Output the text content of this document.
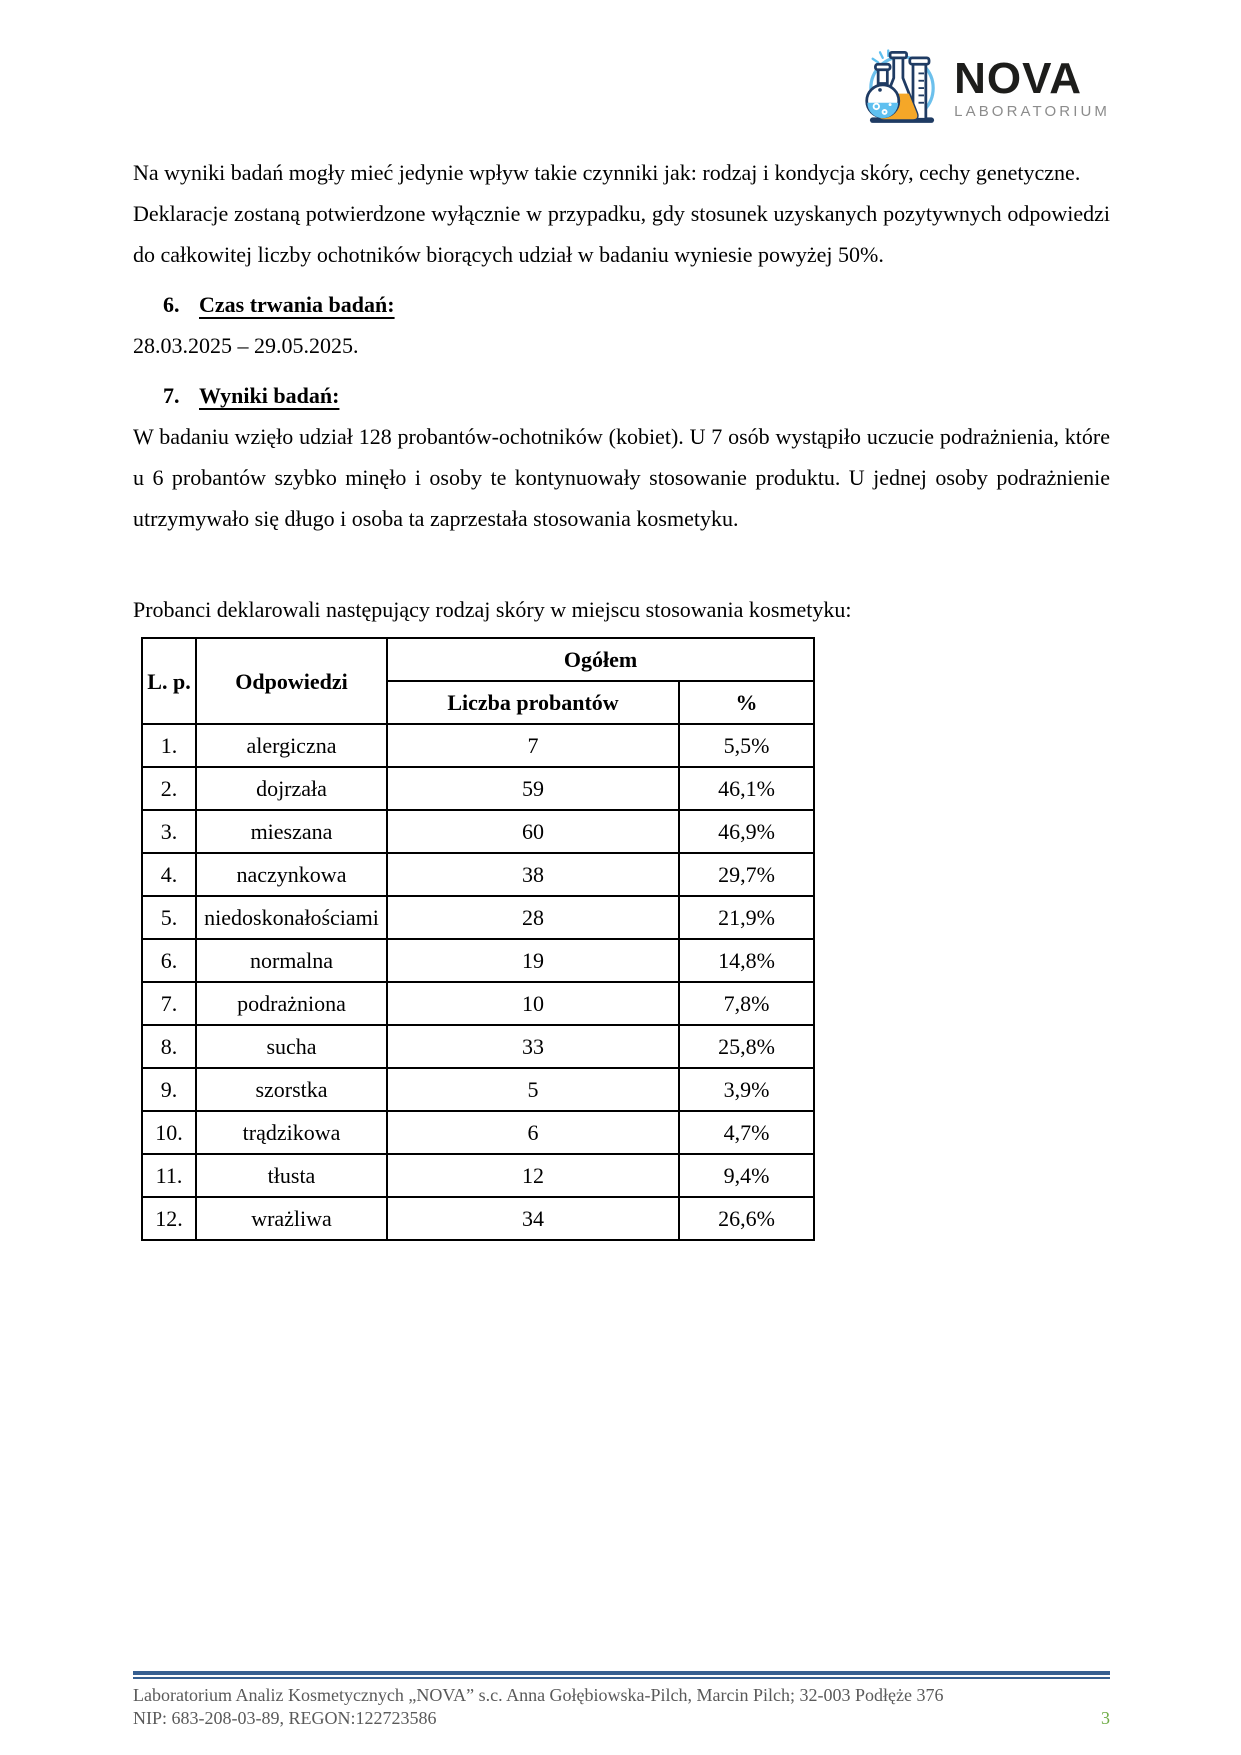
NOVA
LABORATORIUM

Na wyniki badań mogły mieć jedynie wpływ takie czynniki jak: rodzaj i kondycja skóry, cechy genetyczne.

Deklaracje zostaną potwierdzone wyłącznie w przypadku, gdy stosunek uzyskanych pozytywnych odpowiedzi do całkowitej liczby ochotników biorących udział w badaniu wyniesie powyżej 50%.

6. Czas trwania badań:

28.03.2025 – 29.05.2025.

7. Wyniki badań:

W badaniu wzięło udział 128 probantów-ochotników (kobiet). U 7 osób wystąpiło uczucie podrażnienia, które u 6 probantów szybko minęło i osoby te kontynuowały stosowanie produktu. U jednej osoby podrażnienie utrzymywało się długo i osoba ta zaprzestała stosowania kosmetyku.

Probanci deklarowali następujący rodzaj skóry w miejscu stosowania kosmetyku:

L. p.	Odpowiedzi	Ogółem	
		Liczba probantów	%
1.	alergiczna	7	5,5%
2.	dojrzała	59	46,1%
3.	mieszana	60	46,9%
4.	naczynkowa	38	29,7%
5.	niedoskonałościami	28	21,9%
6.	normalna	19	14,8%
7.	podrażniona	10	7,8%
8.	sucha	33	25,8%
9.	szorstka	5	3,9%
10.	trądzikowa	6	4,7%
11.	tłusta	12	9,4%
12.	wrażliwa	34	26,6%
Laboratorium Analiz Kosmetycznych „NOVA” s.c. Anna Gołębiowska-Pilch, Marcin Pilch; 32-003 Podłęże 376
NIP: 683-208-03-89, REGON:122723586	3
